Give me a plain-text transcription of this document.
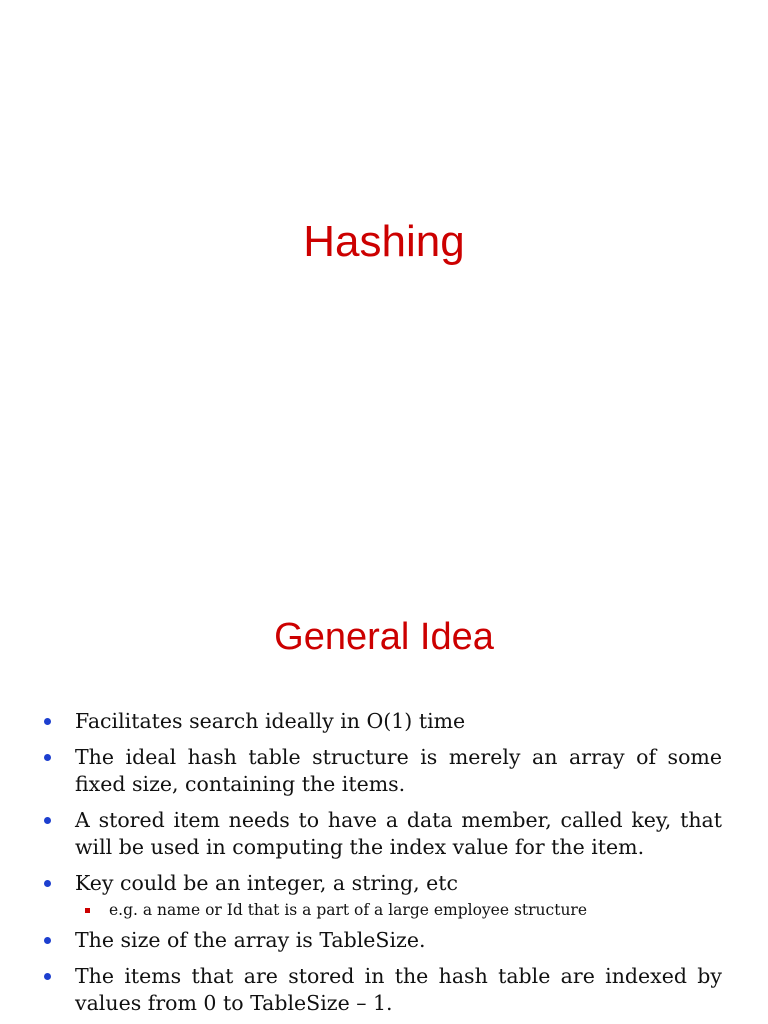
Hashing
General Idea
Facilitates search ideally in O(1) time
The ideal hash table structure is merely an array of some fixed size, containing the items.
A stored item needs to have a data member, called key, that will be used in computing the index value for the item.
Key could be an integer, a string, etc
e.g. a name or Id that is a part of a large employee structure
The size of the array is TableSize.
The items that are stored in the hash table are indexed by values from 0 to TableSize – 1.
